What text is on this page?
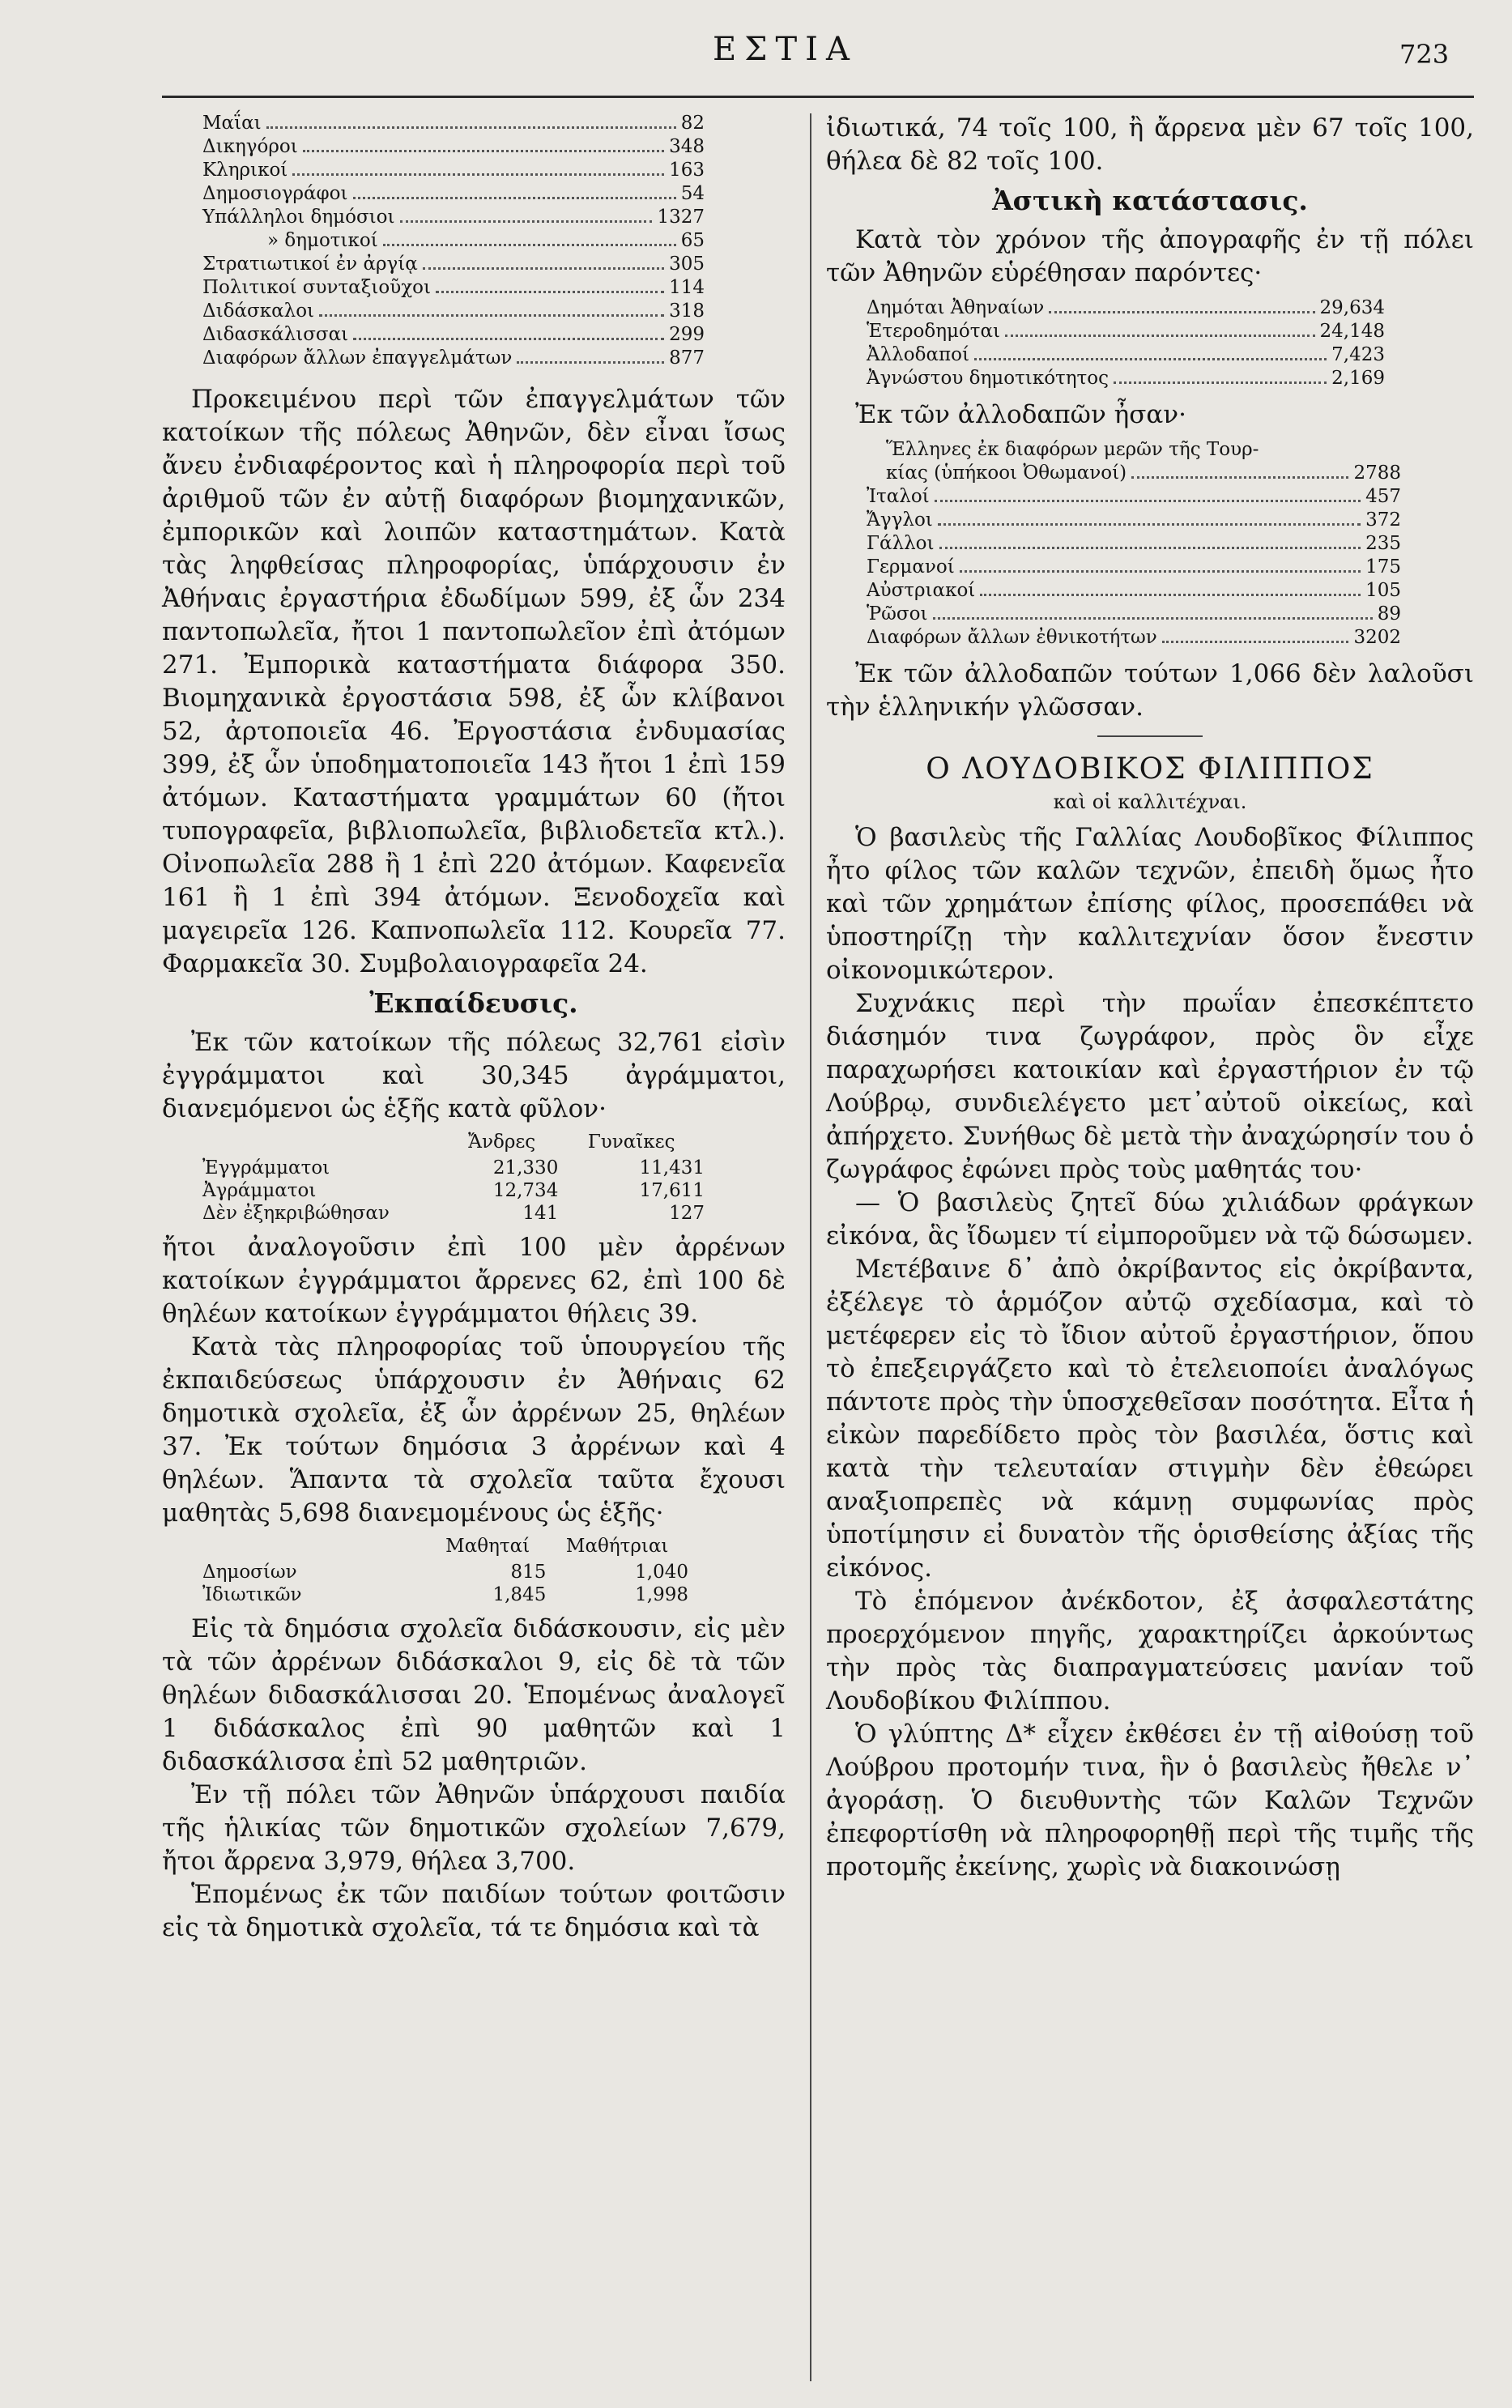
ΕΣΤΙΑ	723
Μαΐαι	82
Δικηγόροι	348
Κληρικοί	163
Δημοσιογράφοι	54
Υπάλληλοι δημόσιοι	1327
» δημοτικοί	65
Στρατιωτικοί ἐν ἀργίᾳ	305
Πολιτικοί συνταξιοῦχοι	114
Διδάσκαλοι	318
Διδασκάλισσαι	299
Διαφόρων ἄλλων ἐπαγγελμάτων	877

Προκειμένου περὶ τῶν ἐπαγγελμάτων τῶν κατοίκων τῆς πόλεως Ἀθηνῶν, δὲν εἶναι ἴσως ἄνευ ἐνδιαφέροντος καὶ ἡ πληροφορία περὶ τοῦ ἀριθμοῦ τῶν ἐν αὐτῇ διαφόρων βιομηχανικῶν, ἐμπορικῶν καὶ λοιπῶν καταστημάτων. Κατὰ τὰς ληφθείσας πληροφορίας, ὑπάρχουσιν ἐν Ἀθήναις ἐργαστήρια ἐδωδίμων 599, ἐξ ὧν 234 παντοπωλεῖα, ἤτοι 1 παντοπωλεῖον ἐπὶ ἀτόμων 271. Ἐμπορικὰ καταστήματα διάφορα 350. Βιομηχανικὰ ἐργοστάσια 598, ἐξ ὧν κλίβανοι 52, ἀρτοποιεῖα 46. Ἐργοστάσια ἐνδυμασίας 399, ἐξ ὧν ὑποδηματοποιεῖα 143 ἤτοι 1 ἐπὶ 159 ἀτόμων. Καταστήματα γραμμάτων 60 (ἤτοι τυπογραφεῖα, βιβλιοπωλεῖα, βιβλιοδετεῖα κτλ.). Οἰνοπωλεῖα 288 ἢ 1 ἐπὶ 220 ἀτόμων. Καφενεῖα 161 ἢ 1 ἐπὶ 394 ἀτόμων. Ξενοδοχεῖα καὶ μαγειρεῖα 126. Καπνοπωλεῖα 112. Κουρεῖα 77. Φαρμακεῖα 30. Συμβολαιογραφεῖα 24.

Ἐκπαίδευσις.

Ἐκ τῶν κατοίκων τῆς πόλεως 32,761 εἰσὶν ἐγγράμματοι καὶ 30,345 ἀγράμματοι, διανεμόμενοι ὡς ἑξῆς κατὰ φῦλον·

	Ἄνδρες	Γυναῖκες
Ἐγγράμματοι	21,330	11,431
Ἀγράμματοι	12,734	17,611
Δὲν ἐξηκριβώθησαν	141	127

ἤτοι ἀναλογοῦσιν ἐπὶ 100 μὲν ἀρρένων κατοίκων ἐγγράμματοι ἄρρενες 62, ἐπὶ 100 δὲ θηλέων κατοίκων ἐγγράμματοι θήλεις 39.

Κατὰ τὰς πληροφορίας τοῦ ὑπουργείου τῆς ἐκπαιδεύσεως ὑπάρχουσιν ἐν Ἀθήναις 62 δημοτικὰ σχολεῖα, ἐξ ὧν ἀρρένων 25, θηλέων 37. Ἐκ τούτων δημόσια 3 ἀρρένων καὶ 4 θηλέων. Ἅπαντα τὰ σχολεῖα ταῦτα ἔχουσι μαθητὰς 5,698 διανεμομένους ὡς ἑξῆς·

	Μαθηταί	Μαθήτριαι
Δημοσίων	815	1,040
Ἰδιωτικῶν	1,845	1,998

Εἰς τὰ δημόσια σχολεῖα διδάσκουσιν, εἰς μὲν τὰ τῶν ἀρρένων διδάσκαλοι 9, εἰς δὲ τὰ τῶν θηλέων διδασκάλισσαι 20. Ἑπομένως ἀναλογεῖ 1 διδάσκαλος ἐπὶ 90 μαθητῶν καὶ 1 διδασκάλισσα ἐπὶ 52 μαθητριῶν.

Ἐν τῇ πόλει τῶν Ἀθηνῶν ὑπάρχουσι παιδία τῆς ἡλικίας τῶν δημοτικῶν σχολείων 7,679, ἤτοι ἄρρενα 3,979, θήλεα 3,700.

Ἑπομένως ἐκ τῶν παιδίων τούτων φοιτῶσιν εἰς τὰ δημοτικὰ σχολεῖα, τά τε δημόσια καὶ τὰ

ἰδιωτικά, 74 τοῖς 100, ἢ ἄρρενα μὲν 67 τοῖς 100, θήλεα δὲ 82 τοῖς 100.

Ἀστικὴ κατάστασις.

Κατὰ τὸν χρόνον τῆς ἀπογραφῆς ἐν τῇ πόλει τῶν Ἀθηνῶν εὑρέθησαν παρόντες·

Δημόται Ἀθηναίων	29,634
Ἑτεροδημόται	24,148
Ἀλλοδαποί	7,423
Ἀγνώστου δημοτικότητος	2,169

Ἐκ τῶν ἀλλοδαπῶν ἦσαν·

Ἕλληνες ἐκ διαφόρων μερῶν τῆς Τουρ-
κίας (ὑπήκοοι Ὀθωμανοί)	2788
Ἰταλοί	457
Ἄγγλοι	372
Γάλλοι	235
Γερμανοί	175
Αὐστριακοί	105
Ῥῶσοι	89
Διαφόρων ἄλλων ἐθνικοτήτων	3202

Ἐκ τῶν ἀλλοδαπῶν τούτων 1,066 δὲν λαλοῦσι τὴν ἑλληνικήν γλῶσσαν.

Ο ΛΟΥΔΟΒΙΚΟΣ ΦΙΛΙΠΠΟΣ
καὶ οἱ καλλιτέχναι.

Ὁ βασιλεὺς τῆς Γαλλίας Λουδοβῖκος Φίλιππος ἦτο φίλος τῶν καλῶν τεχνῶν, ἐπειδὴ ὅμως ἦτο καὶ τῶν χρημάτων ἐπίσης φίλος, προσεπάθει νὰ ὑποστηρίζῃ τὴν καλλιτεχνίαν ὅσον ἔνεστιν οἰκονομικώτερον.

Συχνάκις περὶ τὴν πρωΐαν ἐπεσκέπτετο διάσημόν τινα ζωγράφον, πρὸς ὃν εἶχε παραχωρήσει κατοικίαν καὶ ἐργαστήριον ἐν τῷ Λούβρῳ, συνδιελέγετο μετ᾽αὐτοῦ οἰκείως, καὶ ἀπήρχετο. Συνήθως δὲ μετὰ τὴν ἀναχώρησίν του ὁ ζωγράφος ἐφώνει πρὸς τοὺς μαθητάς του·

— Ὁ βασιλεὺς ζητεῖ δύω χιλιάδων φράγκων εἰκόνα, ἃς ἴδωμεν τί εἰμποροῦμεν νὰ τῷ δώσωμεν.

Μετέβαινε δ᾽ ἀπὸ ὀκρίβαντος εἰς ὀκρίβαντα, ἐξέλεγε τὸ ἁρμόζον αὐτῷ σχεδίασμα, καὶ τὸ μετέφερεν εἰς τὸ ἴδιον αὐτοῦ ἐργαστήριον, ὅπου τὸ ἐπεξειργάζετο καὶ τὸ ἐτελειοποίει ἀναλόγως πάντοτε πρὸς τὴν ὑποσχεθεῖσαν ποσότητα. Εἶτα ἡ εἰκὼν παρεδίδετο πρὸς τὸν βασιλέα, ὅστις καὶ κατὰ τὴν τελευταίαν στιγμὴν δὲν ἐθεώρει αναξιοπρεπὲς νὰ κάμνῃ συμφωνίας πρὸς ὑποτίμησιν εἰ δυνατὸν τῆς ὁρισθείσης ἀξίας τῆς εἰκόνος.

Τὸ ἑπόμενον ἀνέκδοτον, ἐξ ἀσφαλεστάτης προερχόμενον πηγῆς, χαρακτηρίζει ἀρκούντως τὴν πρὸς τὰς διαπραγματεύσεις μανίαν τοῦ Λουδοβίκου Φιλίππου.

Ὁ γλύπτης Δ* εἶχεν ἐκθέσει ἐν τῇ αἰθούσῃ τοῦ Λούβρου προτομήν τινα, ἣν ὁ βασιλεὺς ἤθελε ν᾽ ἀγοράσῃ. Ὁ διευθυντὴς τῶν Καλῶν Τεχνῶν ἐπεφορτίσθη νὰ πληροφορηθῇ περὶ τῆς τιμῆς τῆς προτομῆς ἐκείνης, χωρὶς νὰ διακοινώσῃ
